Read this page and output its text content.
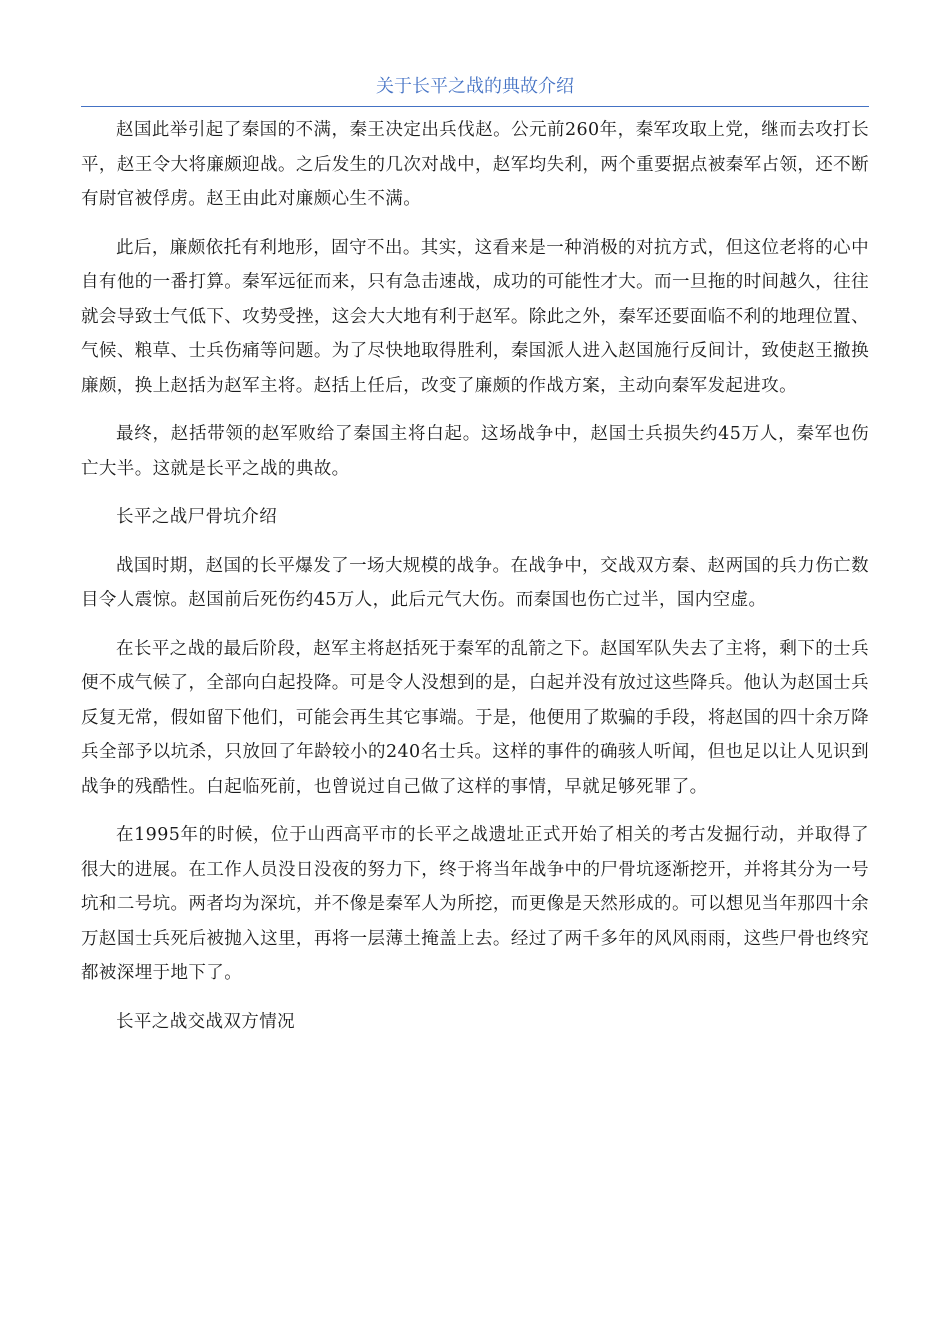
关于长平之战的典故介绍

赵国此举引起了秦国的不满，秦王决定出兵伐赵。公元前260年，秦军攻取上党，继而去攻打长平，赵王令大将廉颇迎战。之后发生的几次对战中，赵军均失利，两个重要据点被秦军占领，还不断有尉官被俘虏。赵王由此对廉颇心生不满。

此后，廉颇依托有利地形，固守不出。其实，这看来是一种消极的对抗方式，但这位老将的心中自有他的一番打算。秦军远征而来，只有急击速战，成功的可能性才大。而一旦拖的时间越久，往往就会导致士气低下、攻势受挫，这会大大地有利于赵军。除此之外，秦军还要面临不利的地理位置、气候、粮草、士兵伤痛等问题。为了尽快地取得胜利，秦国派人进入赵国施行反间计，致使赵王撤换廉颇，换上赵括为赵军主将。赵括上任后，改变了廉颇的作战方案，主动向秦军发起进攻。

最终，赵括带领的赵军败给了秦国主将白起。这场战争中，赵国士兵损失约45万人，秦军也伤亡大半。这就是长平之战的典故。

长平之战尸骨坑介绍

战国时期，赵国的长平爆发了一场大规模的战争。在战争中，交战双方秦、赵两国的兵力伤亡数目令人震惊。赵国前后死伤约45万人，此后元气大伤。而秦国也伤亡过半，国内空虚。

在长平之战的最后阶段，赵军主将赵括死于秦军的乱箭之下。赵国军队失去了主将，剩下的士兵便不成气候了，全部向白起投降。可是令人没想到的是，白起并没有放过这些降兵。他认为赵国士兵反复无常，假如留下他们，可能会再生其它事端。于是，他便用了欺骗的手段，将赵国的四十余万降兵全部予以坑杀，只放回了年龄较小的240名士兵。这样的事件的确骇人听闻，但也足以让人见识到战争的残酷性。白起临死前，也曾说过自己做了这样的事情，早就足够死罪了。

在1995年的时候，位于山西高平市的长平之战遗址正式开始了相关的考古发掘行动，并取得了很大的进展。在工作人员没日没夜的努力下，终于将当年战争中的尸骨坑逐渐挖开，并将其分为一号坑和二号坑。两者均为深坑，并不像是秦军人为所挖，而更像是天然形成的。可以想见当年那四十余万赵国士兵死后被抛入这里，再将一层薄土掩盖上去。经过了两千多年的风风雨雨，这些尸骨也终究都被深埋于地下了。

长平之战交战双方情况
